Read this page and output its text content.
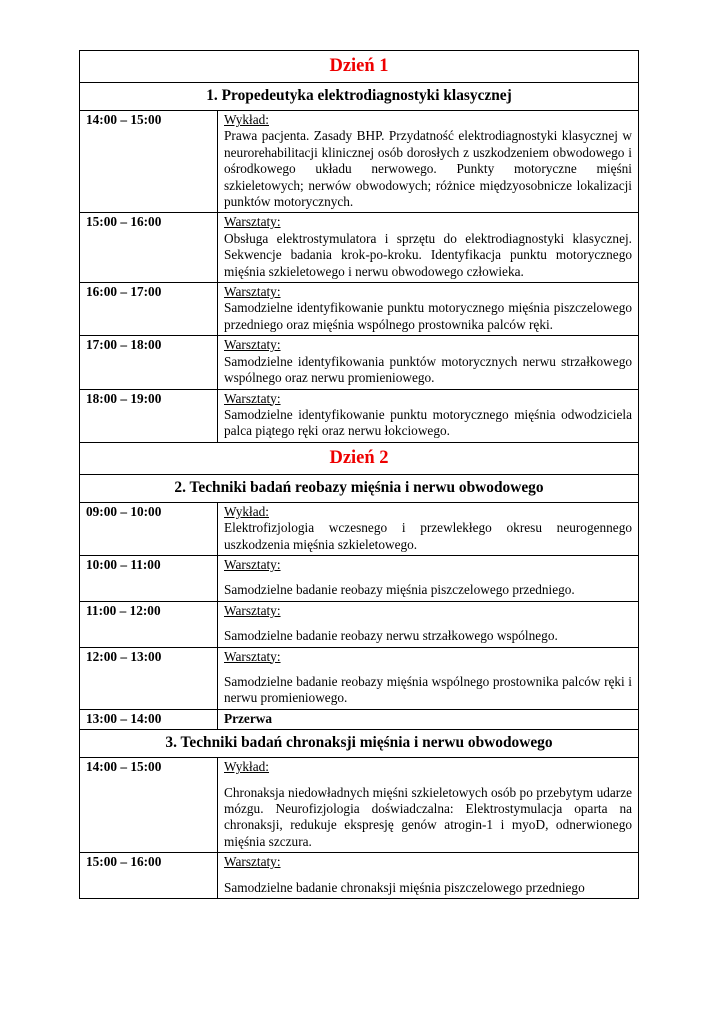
Dzień 1	
1. Propedeutyka elektrodiagnostyki klasycznej	
14:00 – 15:00	Wykład:
Prawa pacjenta. Zasady BHP. Przydatność elektrodiagnostyki klasycznej w neurorehabilitacji klinicznej osób dorosłych z uszkodzeniem obwodowego i ośrodkowego układu nerwowego. Punkty motoryczne mięśni szkieletowych; nerwów obwodowych; różnice międzyosobnicze lokalizacji punktów motorycznych.

15:00 – 16:00	Warsztaty:
Obsługa elektrostymulatora i sprzętu do elektrodiagnostyki klasycznej. Sekwencje badania krok-po-kroku. Identyfikacja punktu motorycznego mięśnia szkieletowego i nerwu obwodowego człowieka.

16:00 – 17:00	Warsztaty:
Samodzielne identyfikowanie punktu motorycznego mięśnia piszczelowego przedniego oraz mięśnia wspólnego prostownika palców ręki.

17:00 – 18:00	Warsztaty:
Samodzielne identyfikowania punktów motorycznych nerwu strzałkowego wspólnego oraz nerwu promieniowego.

18:00 – 19:00	Warsztaty:
Samodzielne identyfikowanie punktu motorycznego mięśnia odwodziciela palca piątego ręki oraz nerwu łokciowego.

Dzień 2	
2. Techniki badań reobazy mięśnia i nerwu obwodowego	
09:00 – 10:00	Wykład:
Elektrofizjologia wczesnego i przewlekłego okresu neurogennego uszkodzenia mięśnia szkieletowego.

10:00 – 11:00	Warsztaty:
Samodzielne badanie reobazy mięśnia piszczelowego przedniego.

11:00 – 12:00	Warsztaty:
Samodzielne badanie reobazy nerwu strzałkowego wspólnego.

12:00 – 13:00	Warsztaty:
Samodzielne badanie reobazy mięśnia wspólnego prostownika palców ręki i nerwu promieniowego.

13:00 – 14:00	Przerwa
3. Techniki badań chronaksji mięśnia i nerwu obwodowego	
14:00 – 15:00	Wykład:
Chronaksja niedowładnych mięśni szkieletowych osób po przebytym udarze mózgu. Neurofizjologia doświadczalna: Elektrostymulacja oparta na chronaksji, redukuje ekspresję genów atrogin-1 i myoD, odnerwionego mięśnia szczura.

15:00 – 16:00	Warsztaty:
Samodzielne badanie chronaksji mięśnia piszczelowego przedniego
